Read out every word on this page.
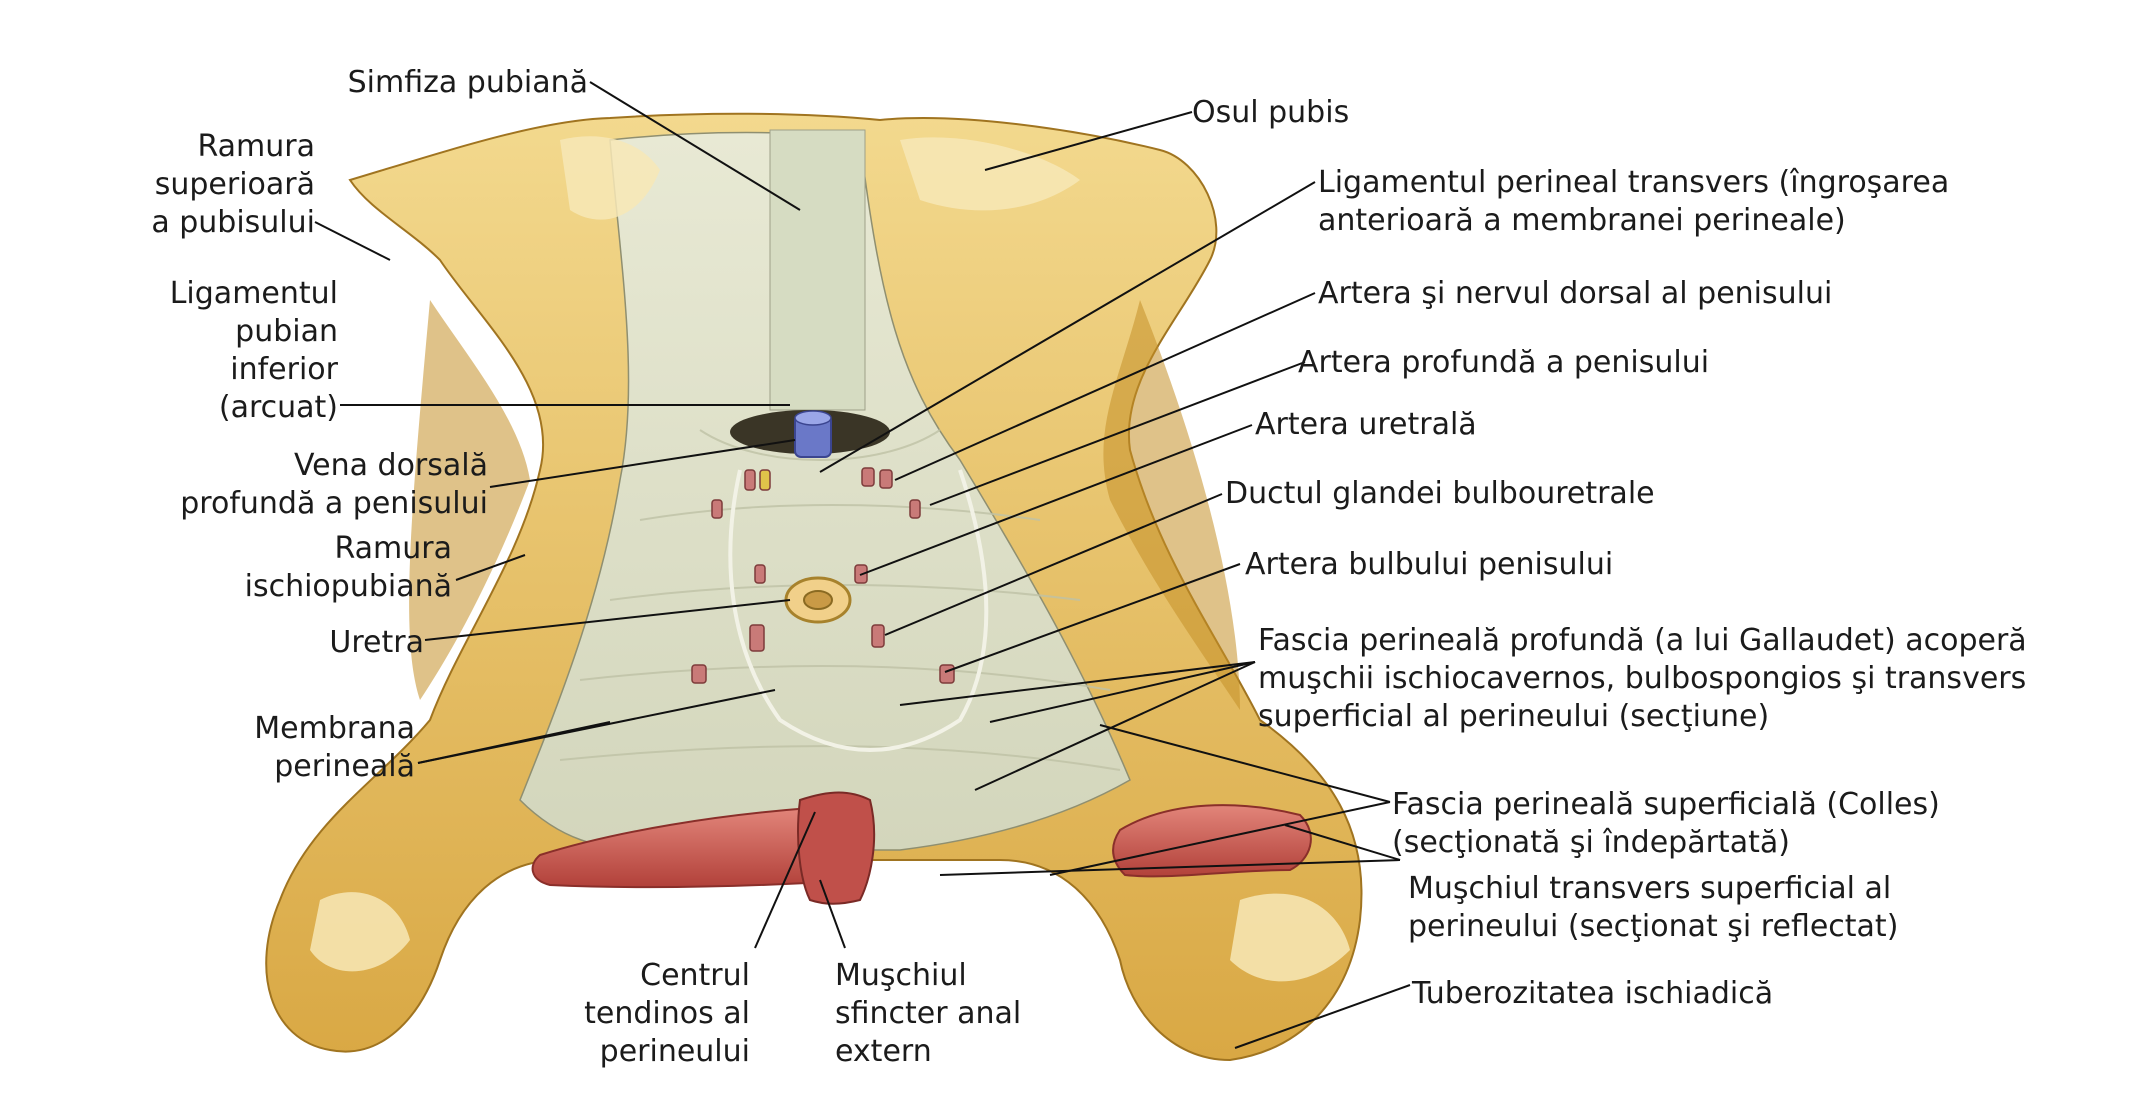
Simfiza pubiană
Ramura
superioară
a pubisului
Ligamentul
pubian
inferior
(arcuat)
Vena dorsală
profundă a penisului
Ramura
ischiopubiană
Uretra
Membrana
perineală
Centrul
tendinos al
perineului
Muşchiul
sfincter anal
extern
Osul pubis
Ligamentul perineal transvers (îngroşarea
anterioară a membranei perineale)
Artera şi nervul dorsal al penisului
Artera profundă a penisului
Artera uretrală
Ductul glandei bulbouretrale
Artera bulbului penisului
Fascia perineală profundă (a lui Gallaudet) acoperă
muşchii ischiocavernos, bulbospongios şi transvers
superficial al perineului (secţiune)
Fascia perineală superficială (Colles)
(secţionată şi îndepărtată)
Muşchiul transvers superficial al
perineului (secţionat şi reflectat)
Tuberozitatea ischiadică
